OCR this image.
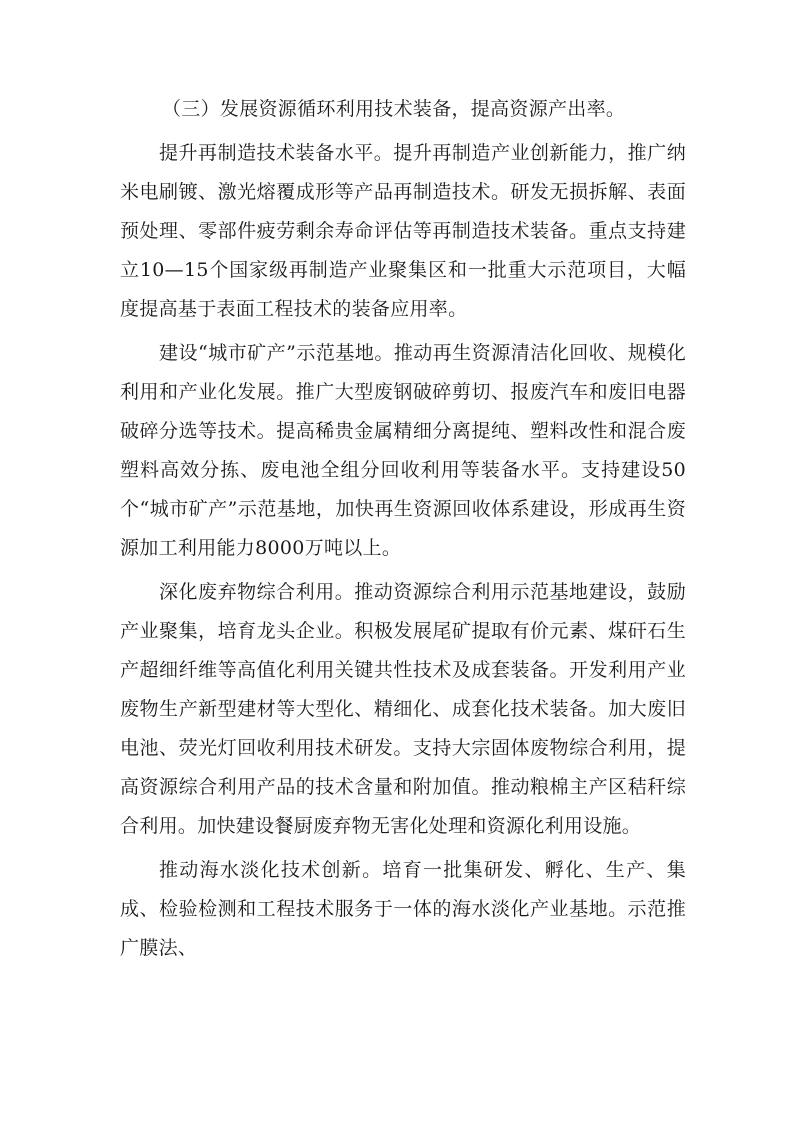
（三）发展资源循环利用技术装备，提高资源产出率。

提升再制造技术装备水平。提升再制造产业创新能力，推广纳米电刷镀、激光熔覆成形等产品再制造技术。研发无损拆解、表面预处理、零部件疲劳剩余寿命评估等再制造技术装备。重点支持建立10—15个国家级再制造产业聚集区和一批重大示范项目，大幅度提高基于表面工程技术的装备应用率。

建设“城市矿产”示范基地。推动再生资源清洁化回收、规模化利用和产业化发展。推广大型废钢破碎剪切、报废汽车和废旧电器破碎分选等技术。提高稀贵金属精细分离提纯、塑料改性和混合废塑料高效分拣、废电池全组分回收利用等装备水平。支持建设50个“城市矿产”示范基地，加快再生资源回收体系建设，形成再生资源加工利用能力8000万吨以上。

深化废弃物综合利用。推动资源综合利用示范基地建设，鼓励产业聚集，培育龙头企业。积极发展尾矿提取有价元素、煤矸石生产超细纤维等高值化利用关键共性技术及成套装备。开发利用产业废物生产新型建材等大型化、精细化、成套化技术装备。加大废旧电池、荧光灯回收利用技术研发。支持大宗固体废物综合利用，提高资源综合利用产品的技术含量和附加值。推动粮棉主产区秸秆综合利用。加快建设餐厨废弃物无害化处理和资源化利用设施。

推动海水淡化技术创新。培育一批集研发、孵化、生产、集成、检验检测和工程技术服务于一体的海水淡化产业基地。示范推广膜法、
